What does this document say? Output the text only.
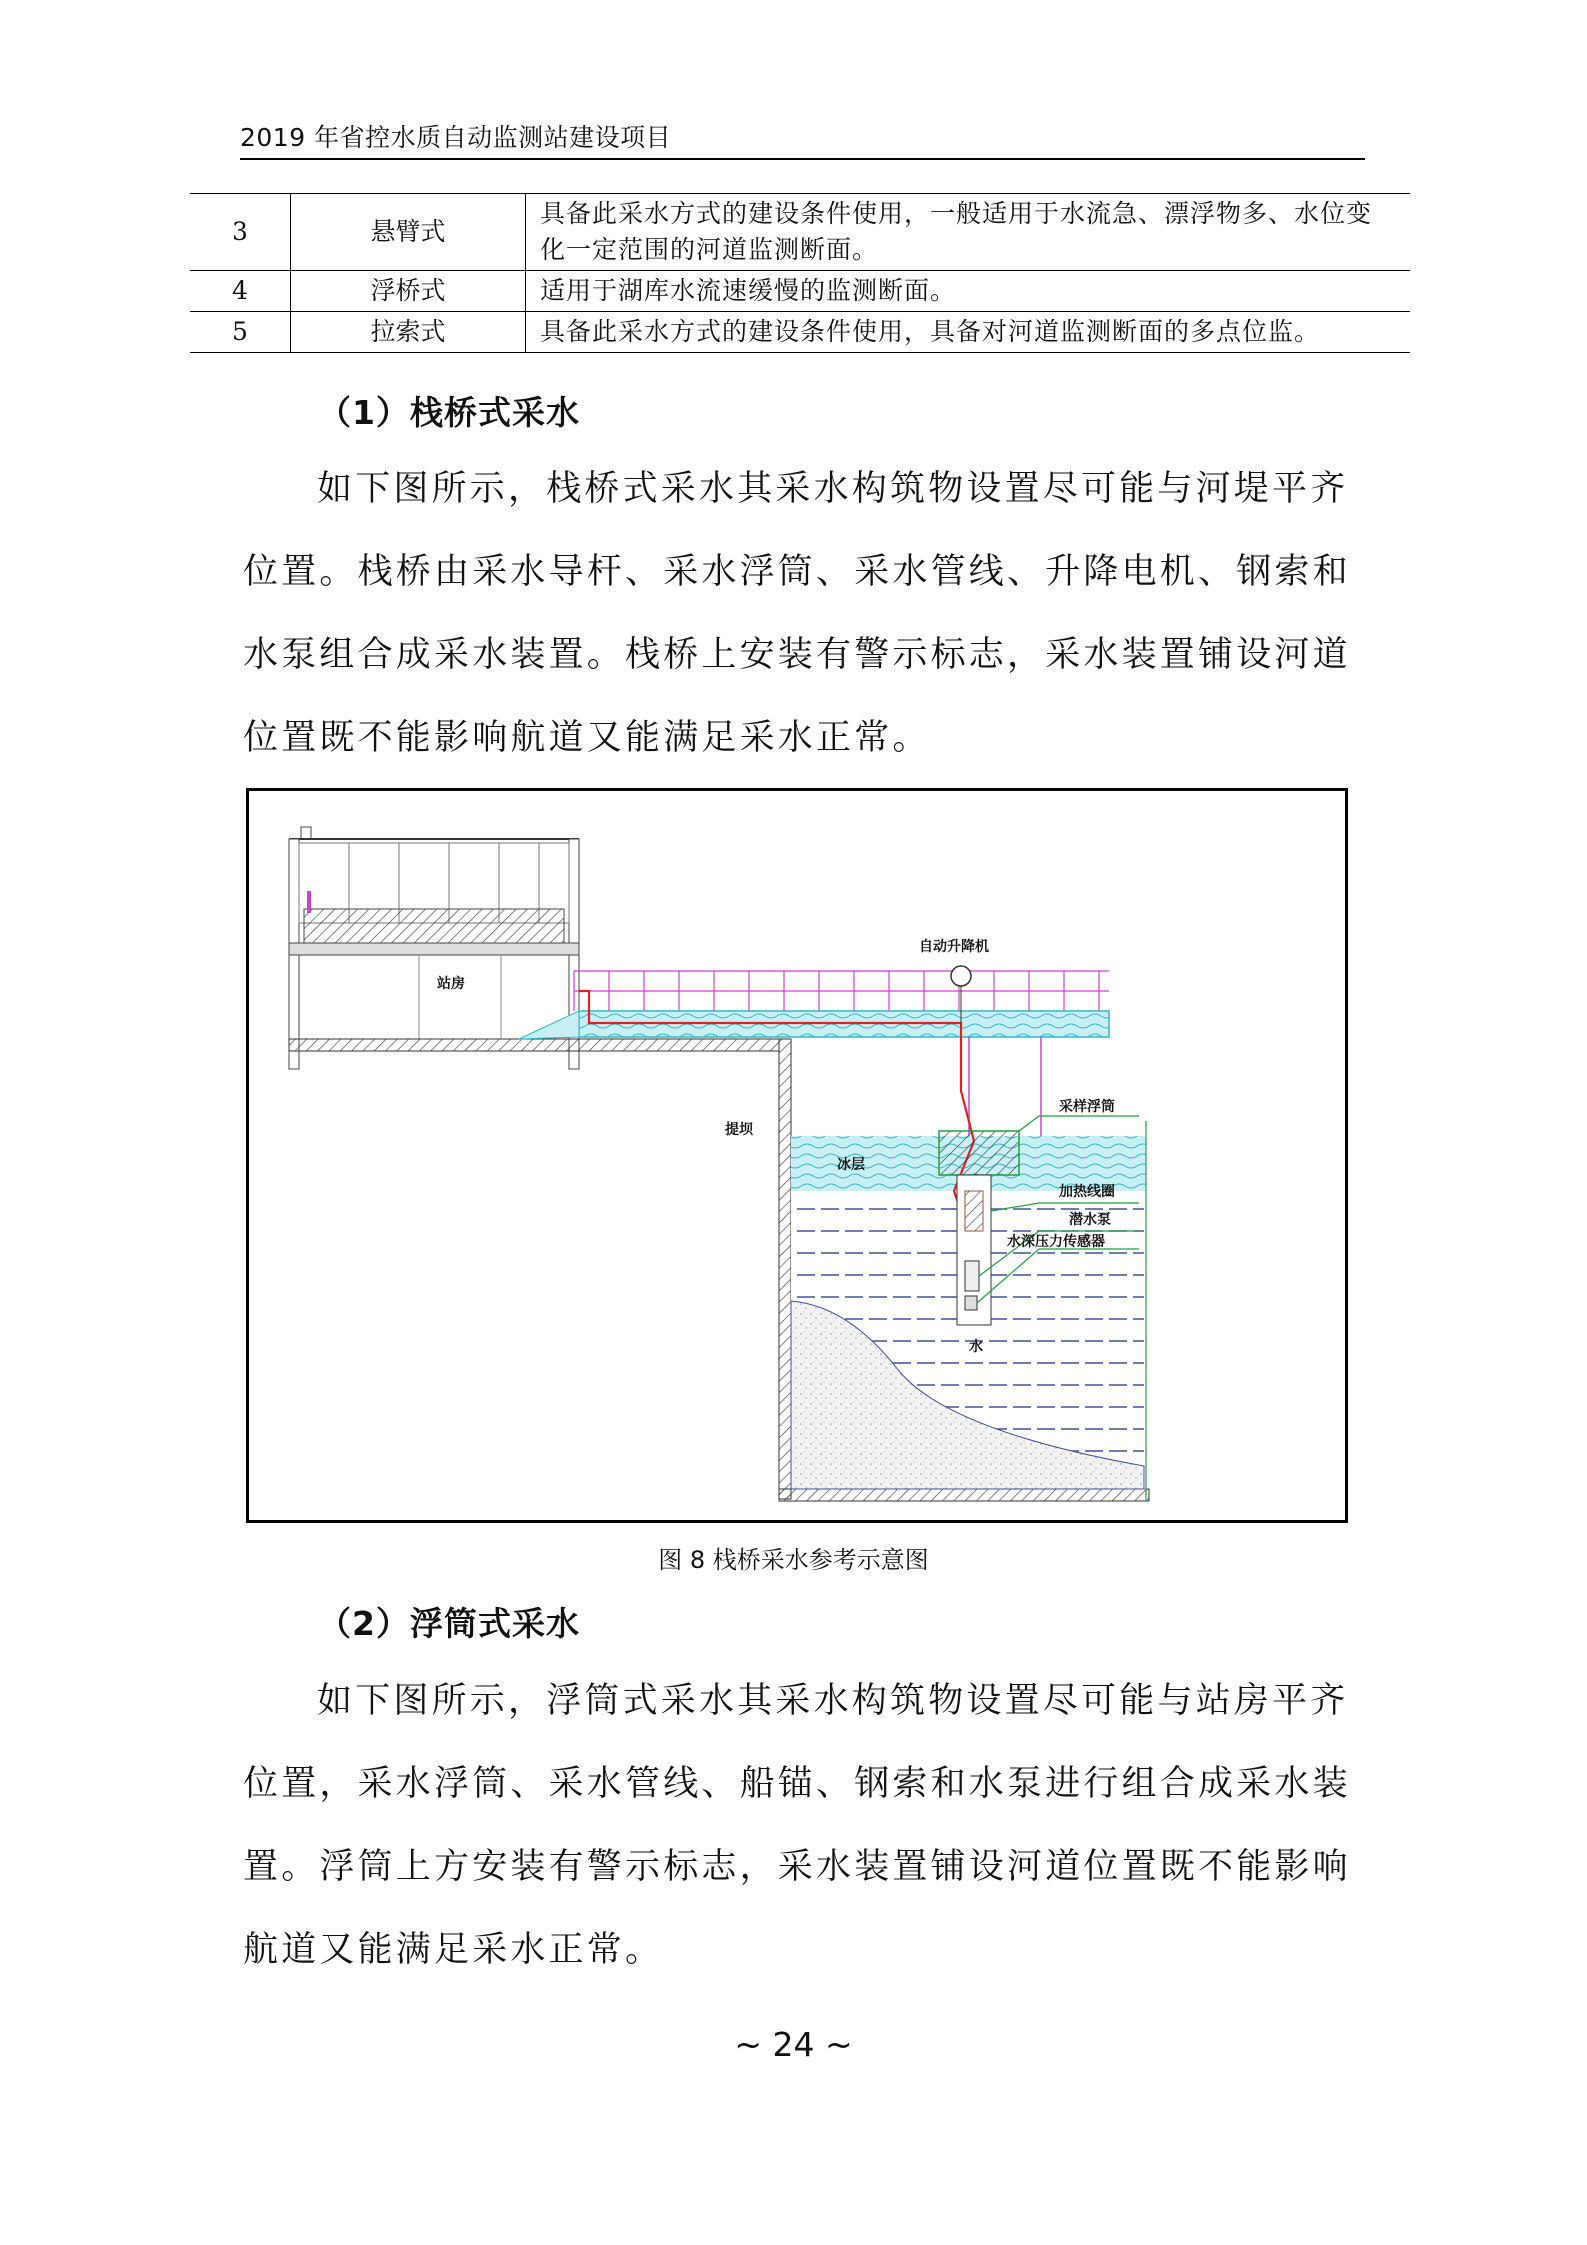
2019 年省控水质自动监测站建设项目
3	悬臂式	具备此采水方式的建设条件使用，一般适用于水流急、漂浮物多、水位变化一定范围的河道监测断面。
4	浮桥式	适用于湖库水流速缓慢的监测断面。
5	拉索式	具备此采水方式的建设条件使用，具备对河道监测断面的多点位监。
（1）栈桥式采水

如下图所示，栈桥式采水其采水构筑物设置尽可能与河堤平齐位置。栈桥由采水导杆、采水浮筒、采水管线、升降电机、钢索和水泵组合成采水装置。栈桥上安装有警示标志，采水装置铺设河道位置既不能影响航道又能满足采水正常。

站房
提坝
冰层
水
自动升降机
采样浮筒
加热线圈
潜水泵
水深压力传感器
图 8 栈桥采水参考示意图
（2）浮筒式采水

如下图所示，浮筒式采水其采水构筑物设置尽可能与站房平齐位置，采水浮筒、采水管线、船锚、钢索和水泵进行组合成采水装置。浮筒上方安装有警示标志，采水装置铺设河道位置既不能影响航道又能满足采水正常。

~ 24 ~
